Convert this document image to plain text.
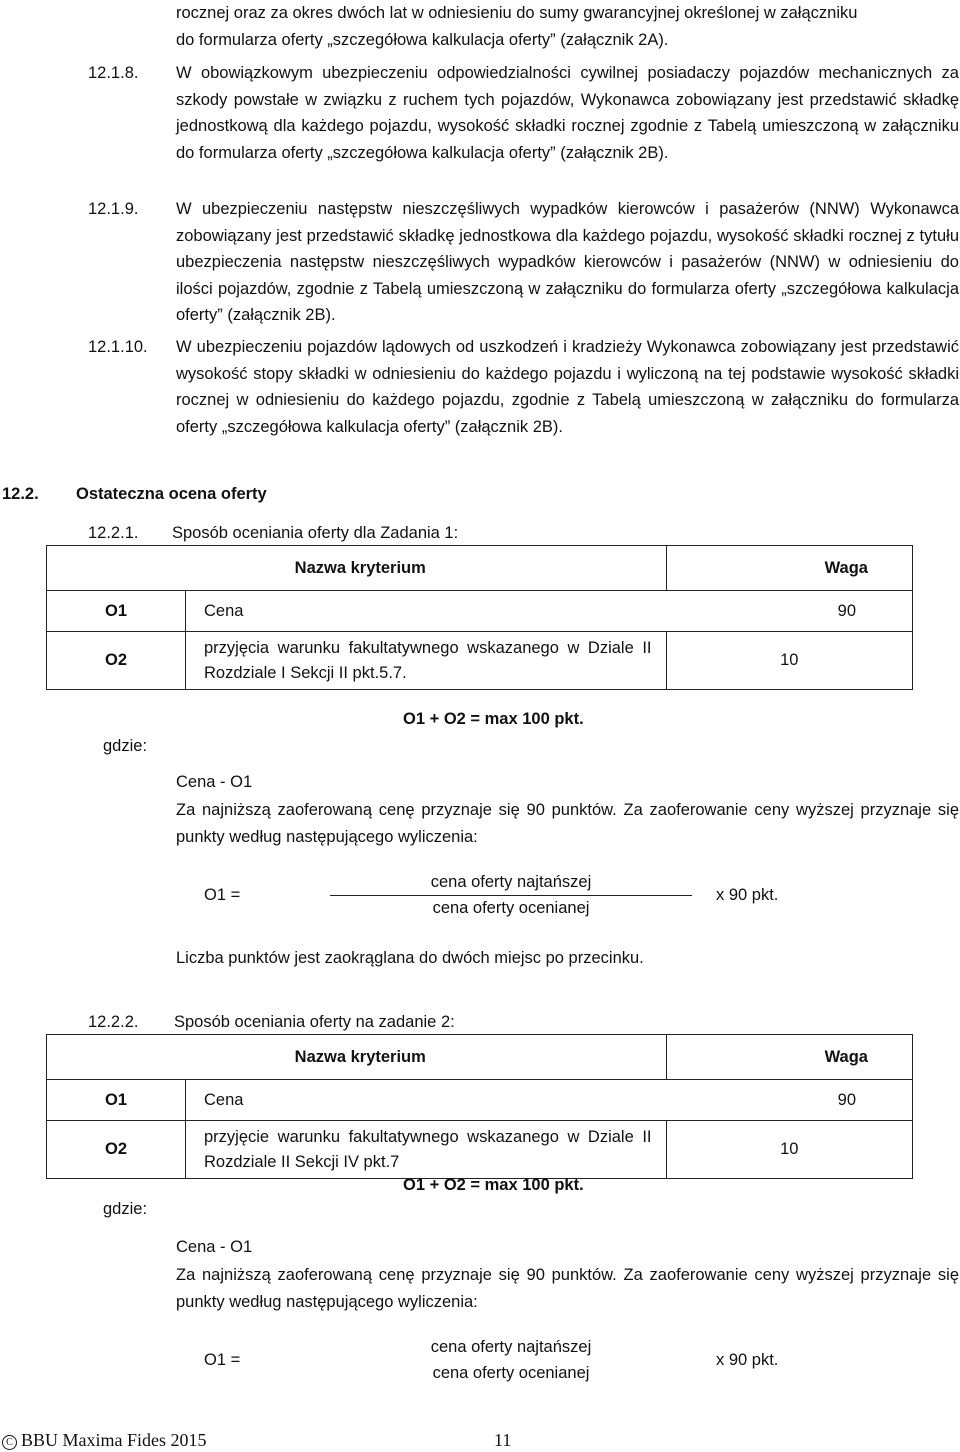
rocznej oraz za okres dwóch lat w odniesieniu do sumy gwarancyjnej określonej w załączniku
do formularza oferty „szczegółowa kalkulacja oferty” (załącznik 2A).
12.1.8. W obowiązkowym ubezpieczeniu odpowiedzialności cywilnej posiadaczy pojazdów mechanicznych za szkody powstałe w związku z ruchem tych pojazdów, Wykonawca zobowiązany jest przedstawić składkę jednostkową dla każdego pojazdu, wysokość składki rocznej zgodnie z Tabelą umieszczoną w załączniku do formularza oferty „szczegółowa kalkulacja oferty” (załącznik 2B).
12.1.9. W ubezpieczeniu następstw nieszczęśliwych wypadków kierowców i pasażerów (NNW) Wykonawca zobowiązany jest przedstawić składkę jednostkowa dla każdego pojazdu, wysokość składki rocznej z tytułu ubezpieczenia następstw nieszczęśliwych wypadków kierowców i pasażerów (NNW) w odniesieniu do ilości pojazdów, zgodnie z Tabelą umieszczoną w załączniku do formularza oferty „szczegółowa kalkulacja oferty” (załącznik 2B).
12.1.10. W ubezpieczeniu pojazdów lądowych od uszkodzeń i kradzieży Wykonawca zobowiązany jest przedstawić wysokość stopy składki w odniesieniu do każdego pojazdu i wyliczoną na tej podstawie wysokość składki rocznej w odniesieniu do każdego pojazdu, zgodnie z Tabelą umieszczoną w załączniku do formularza oferty „szczegółowa kalkulacja oferty” (załącznik 2B).
12.2. Ostateczna ocena oferty
12.2.1. Sposób oceniania oferty dla Zadania 1:
Nazwa kryterium		Waga
O1	Cena	90
O2	przyjęcia warunku fakultatywnego wskazanego w Dziale II Rozdziale I Sekcji II pkt.5.7.	10
gdzie:
O1 + O2 = max 100 pkt.
Cena - O1
Za najniższą zaoferowaną cenę przyznaje się 90 punktów. Za zaoferowanie ceny wyższej przyznaje się punkty według następującego wyliczenia:
O1 =
cena oferty najtańszej
cena oferty ocenianej
x 90 pkt.
Liczba punktów jest zaokrąglana do dwóch miejsc po przecinku.
12.2.2. Sposób oceniania oferty na zadanie 2:
Nazwa kryterium		Waga
O1	Cena	90
O2	przyjęcie warunku fakultatywnego wskazanego w Dziale II Rozdziale II Sekcji IV pkt.7	10
O1 + O2 = max 100 pkt.
gdzie:
Cena - O1
Za najniższą zaoferowaną cenę przyznaje się 90 punktów. Za zaoferowanie ceny wyższej przyznaje się punkty według następującego wyliczenia:
O1 =
cena oferty najtańszej
cena oferty ocenianej
x 90 pkt.
C BBU Maxima Fides 2015	11
